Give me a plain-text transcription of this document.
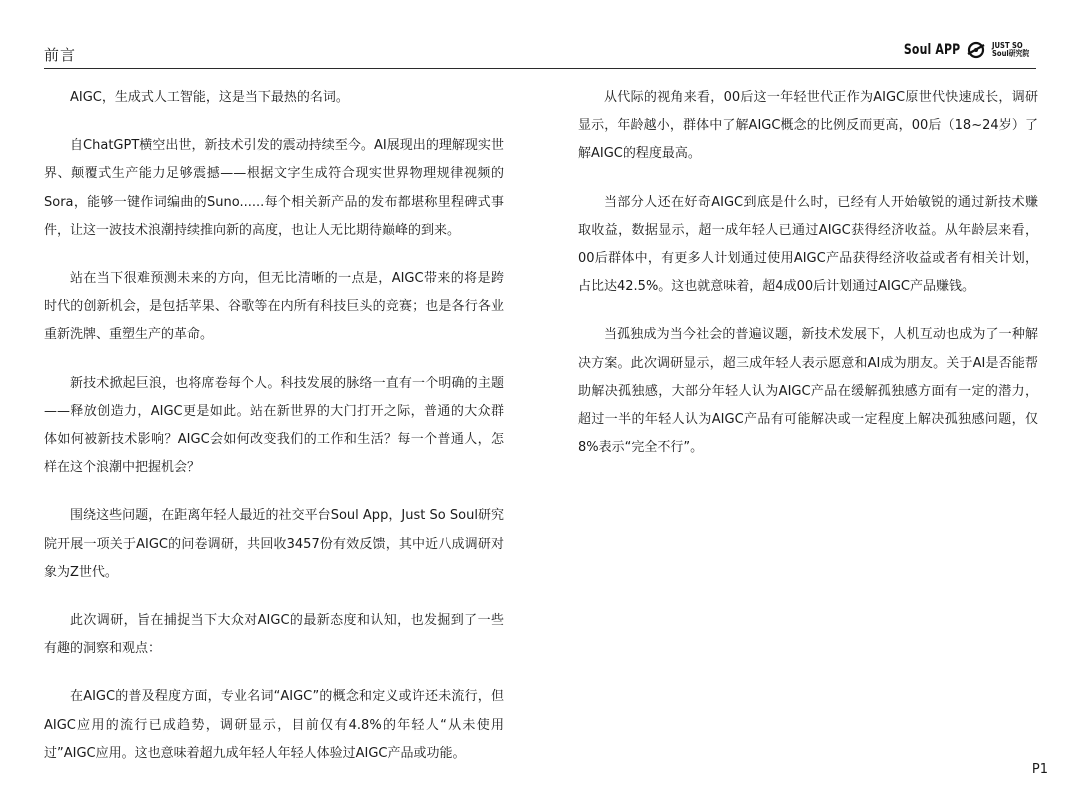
前言	Soul APP	JUST SO
Soul研究院

AIGC，生成式人工智能，这是当下最热的名词。

自ChatGPT横空出世，新技术引发的震动持续至今。AI展现出的理解现实世界、颠覆式生产能力足够震撼——根据文字生成符合现实世界物理规律视频的Sora，能够一键作词编曲的Suno......每个相关新产品的发布都堪称里程碑式事件，让这一波技术浪潮持续推向新的高度，也让人无比期待巅峰的到来。

站在当下很难预测未来的方向，但无比清晰的一点是，AIGC带来的将是跨时代的创新机会，是包括苹果、谷歌等在内所有科技巨头的竞赛；也是各行各业重新洗牌、重塑生产的革命。

新技术掀起巨浪，也将席卷每个人。科技发展的脉络一直有一个明确的主题——释放创造力，AIGC更是如此。站在新世界的大门打开之际，普通的大众群体如何被新技术影响？AIGC会如何改变我们的工作和生活？每一个普通人，怎样在这个浪潮中把握机会？

围绕这些问题，在距离年轻人最近的社交平台Soul App，Just So Soul研究院开展一项关于AIGC的问卷调研，共回收3457份有效反馈，其中近八成调研对象为Z世代。

此次调研，旨在捕捉当下大众对AIGC的最新态度和认知，也发掘到了一些有趣的洞察和观点：

在AIGC的普及程度方面，专业名词“AIGC”的概念和定义或许还未流行，但AIGC应用的流行已成趋势，调研显示，目前仅有4.8%的年轻人“从未使用过”AIGC应用。这也意味着超九成年轻人年轻人体验过AIGC产品或功能。

从代际的视角来看，00后这一年轻世代正作为AIGC原世代快速成长，调研显示，年龄越小，群体中了解AIGC概念的比例反而更高，00后（18~24岁）了解AIGC的程度最高。

当部分人还在好奇AIGC到底是什么时，已经有人开始敏锐的通过新技术赚取收益，数据显示，超一成年轻人已通过AIGC获得经济收益。从年龄层来看，00后群体中，有更多人计划通过使用AIGC产品获得经济收益或者有相关计划，占比达42.5%。这也就意味着，超4成00后计划通过AIGC产品赚钱。

当孤独成为当今社会的普遍议题，新技术发展下，人机互动也成为了一种解决方案。此次调研显示，超三成年轻人表示愿意和AI成为朋友。关于AI是否能帮助解决孤独感，大部分年轻人认为AIGC产品在缓解孤独感方面有一定的潜力，超过一半的年轻人认为AIGC产品有可能解决或一定程度上解决孤独感问题，仅8%表示“完全不行”。

P1
